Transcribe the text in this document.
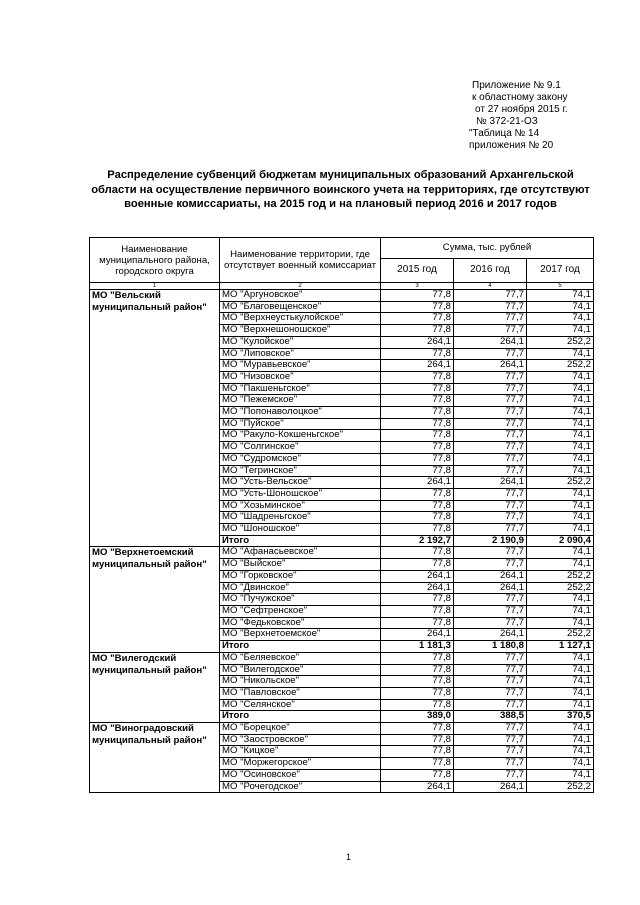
Приложение № 9.1
к областному закону
от 27 ноября 2015 г.
№ 372-21-ОЗ
"Таблица № 14
приложения № 20
Распределение субвенций бюджетам муниципальных образований Архангельской области на осуществление первичного воинского учета на территориях, где отсутствуют военные комиссариаты, на 2015 год и на плановый период 2016 и 2017 годов
Наименование муниципального района, городского округа	Наименование территории, где отсутствует военный комиссариат	Сумма, тыс. рублей		
		2015 год	2016 год	2017 год
1	2	3	4	5
МО "Вельский муниципальный район"	МО "Аргуновское"	77,8	77,7	74,1
	МО "Благовещенское"	77,8	77,7	74,1
	МО "Верхнеустькулойское"	77,8	77,7	74,1
	МО "Верхнешоношское"	77,8	77,7	74,1
	МО "Кулойское"	264,1	264,1	252,2
	МО "Липовское"	77,8	77,7	74,1
	МО "Муравьевское"	264,1	264,1	252,2
	МО "Низовское"	77,8	77,7	74,1
	МО "Пакшеньгское"	77,8	77,7	74,1
	МО "Пежемское"	77,8	77,7	74,1
	МО "Попонаволоцкое"	77,8	77,7	74,1
	МО "Пуйское"	77,8	77,7	74,1
	МО "Ракуло-Кокшеньгское"	77,8	77,7	74,1
	МО "Солгинское"	77,8	77,7	74,1
	МО "Судромское"	77,8	77,7	74,1
	МО "Тегринское"	77,8	77,7	74,1
	МО "Усть-Вельское"	264,1	264,1	252,2
	МО "Усть-Шоношское"	77,8	77,7	74,1
	МО "Хозьминское"	77,8	77,7	74,1
	МО "Шадреньгское"	77,8	77,7	74,1
	МО "Шоношское"	77,8	77,7	74,1
	Итого	2 192,7	2 190,9	2 090,4
МО "Верхнетоемский муниципальный район"	МО "Афанасьевское"	77,8	77,7	74,1
	МО "Выйское"	77,8	77,7	74,1
	МО "Горковское"	264,1	264,1	252,2
	МО "Двинское"	264,1	264,1	252,2
	МО "Пучужское"	77,8	77,7	74,1
	МО "Сефтренское"	77,8	77,7	74,1
	МО "Федьковское"	77,8	77,7	74,1
	МО "Верхнетоемское"	264,1	264,1	252,2
	Итого	1 181,3	1 180,8	1 127,1
МО "Вилегодский муниципальный район"	МО "Беляевское"	77,8	77,7	74,1
	МО "Вилегодское"	77,8	77,7	74,1
	МО "Никольское"	77,8	77,7	74,1
	МО "Павловское"	77,8	77,7	74,1
	МО "Селянское"	77,8	77,7	74,1
	Итого	389,0	388,5	370,5
МО "Виноградовский муниципальный район"	МО "Борецкое"	77,8	77,7	74,1
	МО "Заостровское"	77,8	77,7	74,1
	МО "Кицкое"	77,8	77,7	74,1
	МО "Моржегорское"	77,8	77,7	74,1
	МО "Осиновское"	77,8	77,7	74,1
	МО "Рочегодское"	264,1	264,1	252,2
1
